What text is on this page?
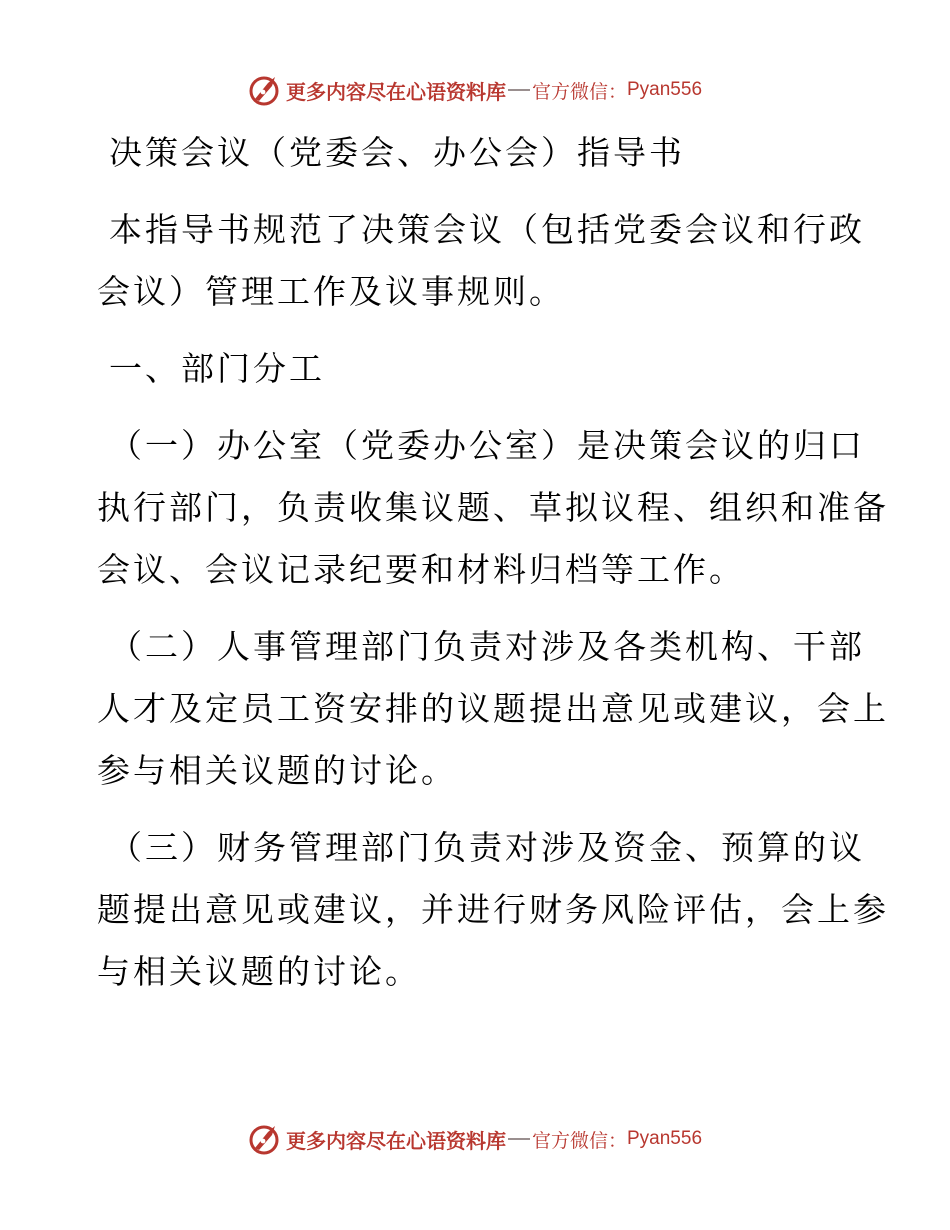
更多内容尽在心语资料库 官方微信： Pyan556
决策会议（党委会、办公会）指导书
本指导书规范了决策会议（包括党委会议和行政
会议）管理工作及议事规则。
一、部门分工
（一）办公室（党委办公室）是决策会议的归口
执行部门，负责收集议题、草拟议程、组织和准备
会议、会议记录纪要和材料归档等工作。
（二）人事管理部门负责对涉及各类机构、干部
人才及定员工资安排的议题提出意见或建议，会上
参与相关议题的讨论。
（三）财务管理部门负责对涉及资金、预算的议
题提出意见或建议，并进行财务风险评估，会上参
与相关议题的讨论。
更多内容尽在心语资料库 官方微信： Pyan556
